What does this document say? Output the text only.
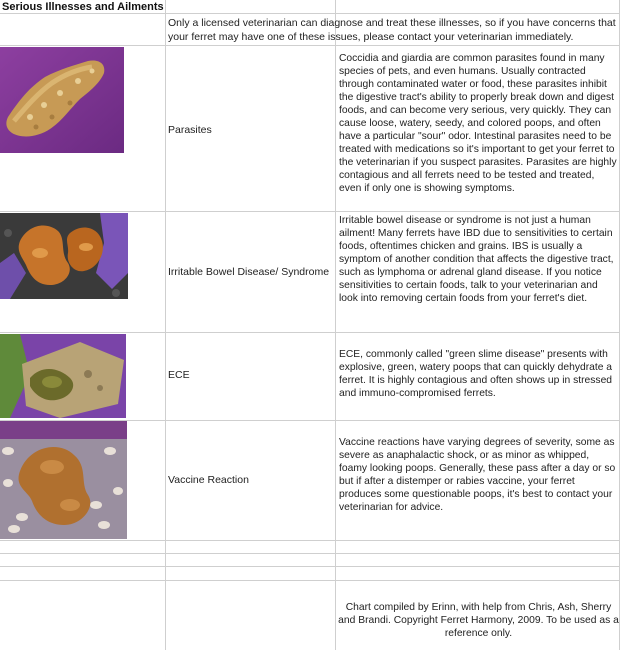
Serious Illnesses and Ailments
Only a licensed veterinarian can diagnose and treat these illnesses, so if you have concerns that your ferret may have one of these issues, please contact your veterinarian immediately.
Parasites
Coccidia and giardia are common parasites found in many species of pets, and even humans. Usually contracted through contaminated water or food, these parasites inhibit the digestive tract's ability to properly break down and digest foods, and can become very serious, very quickly. They can cause loose, watery, seedy, and colored poops, and often have a particular "sour" odor. Intestinal parasites need to be treated with medications so it's important to get your ferret to the veterinarian if you suspect parasites. Parasites are highly contagious and all ferrets need to be tested and treated, even if only one is showing symptoms.
Irritable Bowel Disease/ Syndrome
Irritable bowel disease or syndrome is not just a human ailment! Many ferrets have IBD due to sensitivities to certain foods, oftentimes chicken and grains. IBS is usually a symptom of another condition that affects the digestive tract, such as lymphoma or adrenal gland disease. If you notice sensitivities to certain foods, talk to your veterinarian and look into removing certain foods from your ferret's diet.
ECE
ECE, commonly called "green slime disease" presents with explosive, green, watery poops that can quickly dehydrate a ferret. It is highly contagious and often shows up in stressed and immuno-compromised ferrets.
Vaccine Reaction
Vaccine reactions have varying degrees of severity, some as severe as anaphalactic shock, or as minor as whipped, foamy looking poops. Generally, these pass after a day or so but if after a distemper or rabies vaccine, your ferret produces some questionable poops, it's best to contact your veterinarian for advice.
Chart compiled by Erinn, with help from Chris, Ash, Sherry and Brandi. Copyright Ferret Harmony, 2009. To be used as a reference only.
